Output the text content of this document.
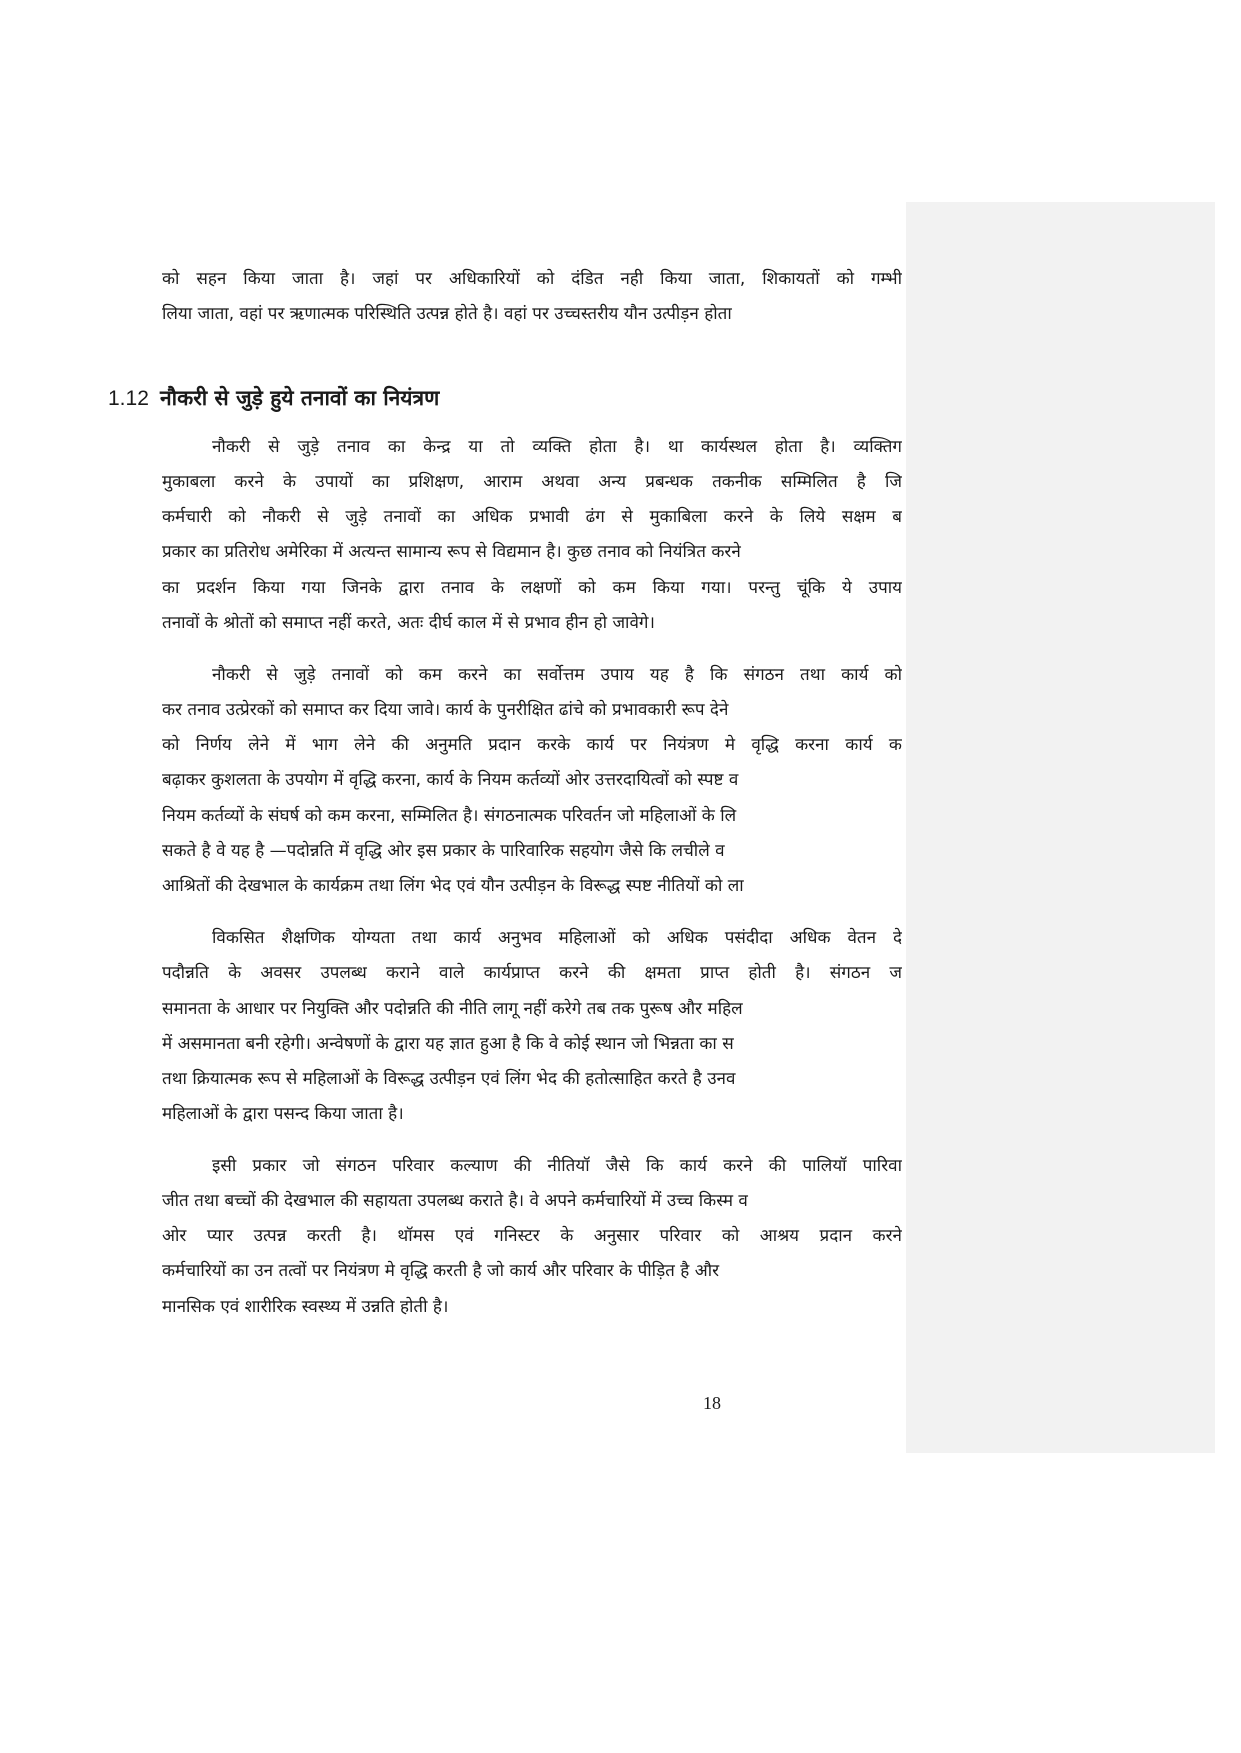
को सहन किया जाता है। जहां पर अधिकारियों को दंडित नही किया जाता, शिकायतों को गम्भी

लिया जाता, वहां पर ऋणात्मक परिस्थिति उत्पन्न होते है। वहां पर उच्चस्तरीय यौन उत्पीड़न होता

1.12 नौकरी से जुड़े हुये तनावों का नियंत्रण

नौकरी से जुड़े तनाव का केन्द्र या तो व्यक्ति होता है। था कार्यस्थल होता है। व्यक्तिग

मुकाबला करने के उपायों का प्रशिक्षण, आराम अथवा अन्य प्रबन्धक तकनीक सम्मिलित है जि

कर्मचारी को नौकरी से जुड़े तनावों का अधिक प्रभावी ढंग से मुकाबिला करने के लिये सक्षम ब

प्रकार का प्रतिरोध अमेरिका में अत्यन्त सामान्य रूप से विद्यमान है। कुछ तनाव को नियंत्रित करने

का प्रदर्शन किया गया जिनके द्वारा तनाव के लक्षणों को कम किया गया। परन्तु चूंकि ये उपाय

तनावों के श्रोतों को समाप्त नहीं करते, अतः दीर्घ काल में से प्रभाव हीन हो जावेगे।

नौकरी से जुड़े तनावों को कम करने का सर्वोत्तम उपाय यह है कि संगठन तथा कार्य को

कर तनाव उत्प्रेरकों को समाप्त कर दिया जावे। कार्य के पुनरीक्षित ढांचे को प्रभावकारी रूप देने

को निर्णय लेने में भाग लेने की अनुमति प्रदान करके कार्य पर नियंत्रण मे वृद्धि करना कार्य क

बढ़ाकर कुशलता के उपयोग में वृद्धि करना, कार्य के नियम कर्तव्यों ओर उत्तरदायित्वों को स्पष्ट व

नियम कर्तव्यों के संघर्ष को कम करना, सम्मिलित है। संगठनात्मक परिवर्तन जो महिलाओं के लि

सकते है वे यह है —पदोन्नति में वृद्धि ओर इस प्रकार के पारिवारिक सहयोग जैसे कि लचीले व

आश्रितों की देखभाल के कार्यक्रम तथा लिंग भेद एवं यौन उत्पीड़न के विरूद्ध स्पष्ट नीतियों को ला

विकसित शैक्षणिक योग्यता तथा कार्य अनुभव महिलाओं को अधिक पसंदीदा अधिक वेतन दे

पदौन्नति के अवसर उपलब्ध कराने वाले कार्यप्राप्त करने की क्षमता प्राप्त होती है। संगठन ज

समानता के आधार पर नियुक्ति और पदोन्नति की नीति लागू नहीं करेगे तब तक पुरूष और महिल

में असमानता बनी रहेगी। अन्वेषणों के द्वारा यह ज्ञात हुआ है कि वे कोई स्थान जो भिन्नता का स

तथा क्रियात्मक रूप से महिलाओं के विरूद्ध उत्पीड़न एवं लिंग भेद की हतोत्साहित करते है उनव

महिलाओं के द्वारा पसन्द किया जाता है।

इसी प्रकार जो संगठन परिवार कल्याण की नीतियॉ जैसे कि कार्य करने की पालियॉ पारिवा

जीत तथा बच्चों की देखभाल की सहायता उपलब्ध कराते है। वे अपने कर्मचारियों में उच्च किस्म व

ओर प्यार उत्पन्न करती है। थॉमस एवं गनिस्टर के अनुसार परिवार को आश्रय प्रदान करने

कर्मचारियों का उन तत्वों पर नियंत्रण मे वृद्धि करती है जो कार्य और परिवार के पीड़ित है और

मानसिक एवं शारीरिक स्वस्थ्य में उन्नति होती है।

18
